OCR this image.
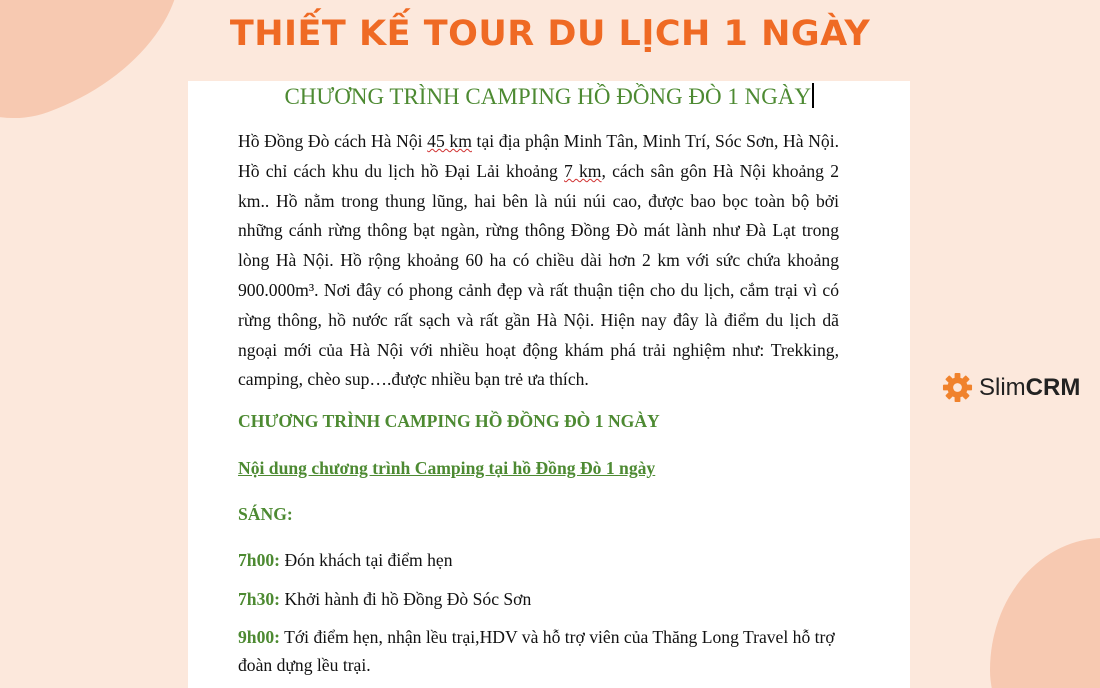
THIẾT KẾ TOUR DU LỊCH 1 NGÀY
CHƯƠNG TRÌNH CAMPING HỒ ĐỒNG ĐÒ 1 NGÀY

Hồ Đồng Đò cách Hà Nội 45 km tại địa phận Minh Tân, Minh Trí, Sóc Sơn, Hà Nội. Hồ chỉ cách khu du lịch hồ Đại Lải khoảng 7 km, cách sân gôn Hà Nội khoảng 2 km.. Hồ nằm trong thung lũng, hai bên là núi núi cao, được bao bọc toàn bộ bởi những cánh rừng thông bạt ngàn, rừng thông Đồng Đò mát lành như Đà Lạt trong lòng Hà Nội. Hồ rộng khoảng 60 ha có chiều dài hơn 2 km với sức chứa khoảng 900.000m³. Nơi đây có phong cảnh đẹp và rất thuận tiện cho du lịch, cắm trại vì có rừng thông, hồ nước rất sạch và rất gần Hà Nội. Hiện nay đây là điểm du lịch dã ngoại mới của Hà Nội với nhiều hoạt động khám phá trải nghiệm như: Trekking, camping, chèo sup….được nhiều bạn trẻ ưa thích.

CHƯƠNG TRÌNH CAMPING HỒ ĐỒNG ĐÒ 1 NGÀY

Nội dung chương trình Camping tại hồ Đồng Đò 1 ngày

SÁNG:

7h00: Đón khách tại điểm hẹn

7h30: Khởi hành đi hồ Đồng Đò Sóc Sơn

9h00: Tới điểm hẹn, nhận lều trại,HDV và hỗ trợ viên của Thăng Long Travel hỗ trợ đoàn dựng lều trại.

Slim CRM
